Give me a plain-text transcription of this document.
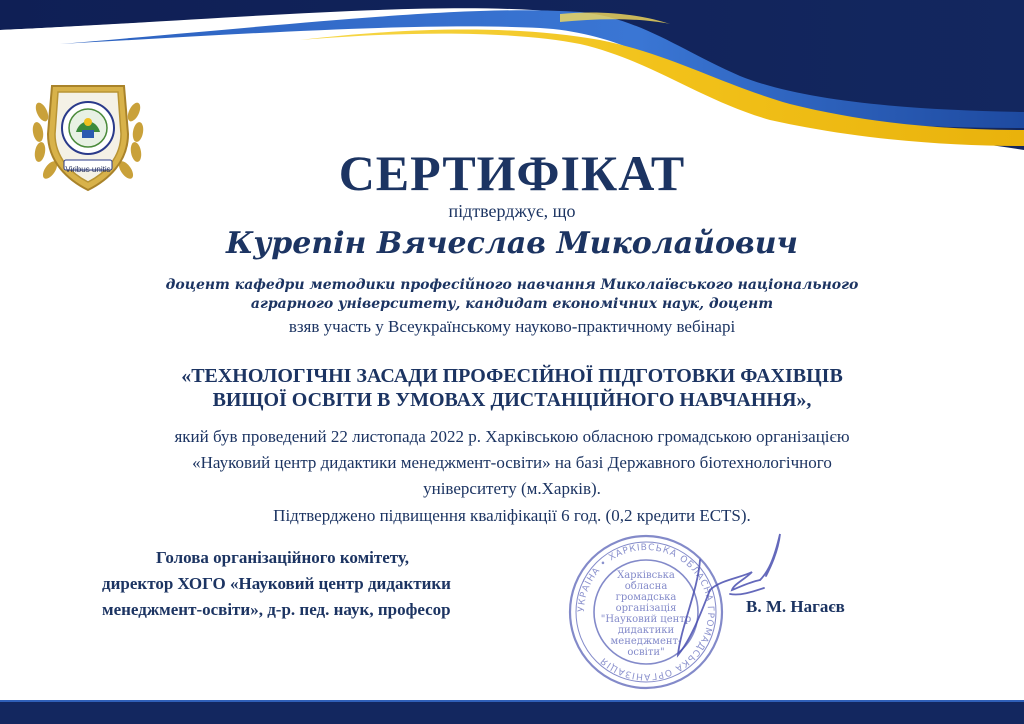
Viribus unitis	СЕРТИФІКАТ
підтверджує, що
Курепін Вячеслав Миколайович
доцент кафедри методики професійного навчання Миколаївського національного
аграрного університету, кандидат економічних наук, доцент
взяв участь у Всеукраїнському науково-практичному вебінарі
«ТЕХНОЛОГІЧНІ ЗАСАДИ ПРОФЕСІЙНОЇ ПІДГОТОВКИ ФАХІВЦІВ
ВИЩОЇ ОСВІТИ В УМОВАХ ДИСТАНЦІЙНОГО НАВЧАННЯ»,
який був проведений 22 листопада 2022 р. Харківською обласною громадською організацією
«Науковий центр дидактики менеджмент-освіти» на базі Державного біотехнологічного
університету (м.Харків).
Підтверджено підвищення кваліфікації 6 год. (0,2 кредити ECTS).
Голова організаційного комітету,
директор ХОГО «Науковий центр дидактики
менеджмент-освіти», д-р. пед. наук, професор	УКРАЇНА • ХАРКІВСЬКА ОБЛАСНА ГРОМАДСЬКА ОРГАНІЗАЦІЯ
Харківська
обласна
громадська
організація
"Науковий центр
дидактики
менеджмент-
освіти"
В. М. Нагаєв
